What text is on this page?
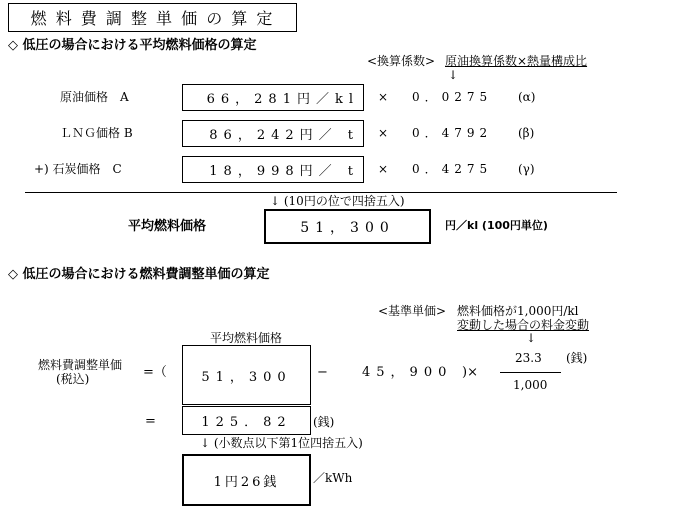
燃 料 費 調 整 単 価 の 算 定
◇ 低圧の場合における平均燃料価格の算定
<換算係数> 原油換算係数×熱量構成比
↓
原油価格　A	66，281円／kl × 0．0275 (α)
ＬＮＧ価格 B	86，242円／ t × 0．4792 (β)
+) 石炭価格　C	18，998円／ t × 0．4275 (γ)
↓ (10円の位で四捨五入)
平均燃料価格	51，300	円／kl (100円単位)
◇ 低圧の場合における燃料費調整単価の算定
<基準単価> 燃料価格が1,000円/kl
変動した場合の料金変動
↓
平均燃料価格
燃料費調整単価
(税込)	=（	51，300 −	45，900 )×
23.3
1,000
(銭)
=	125．82 (銭)
↓ (小数点以下第1位四捨五入)
1円26銭	／kWh
